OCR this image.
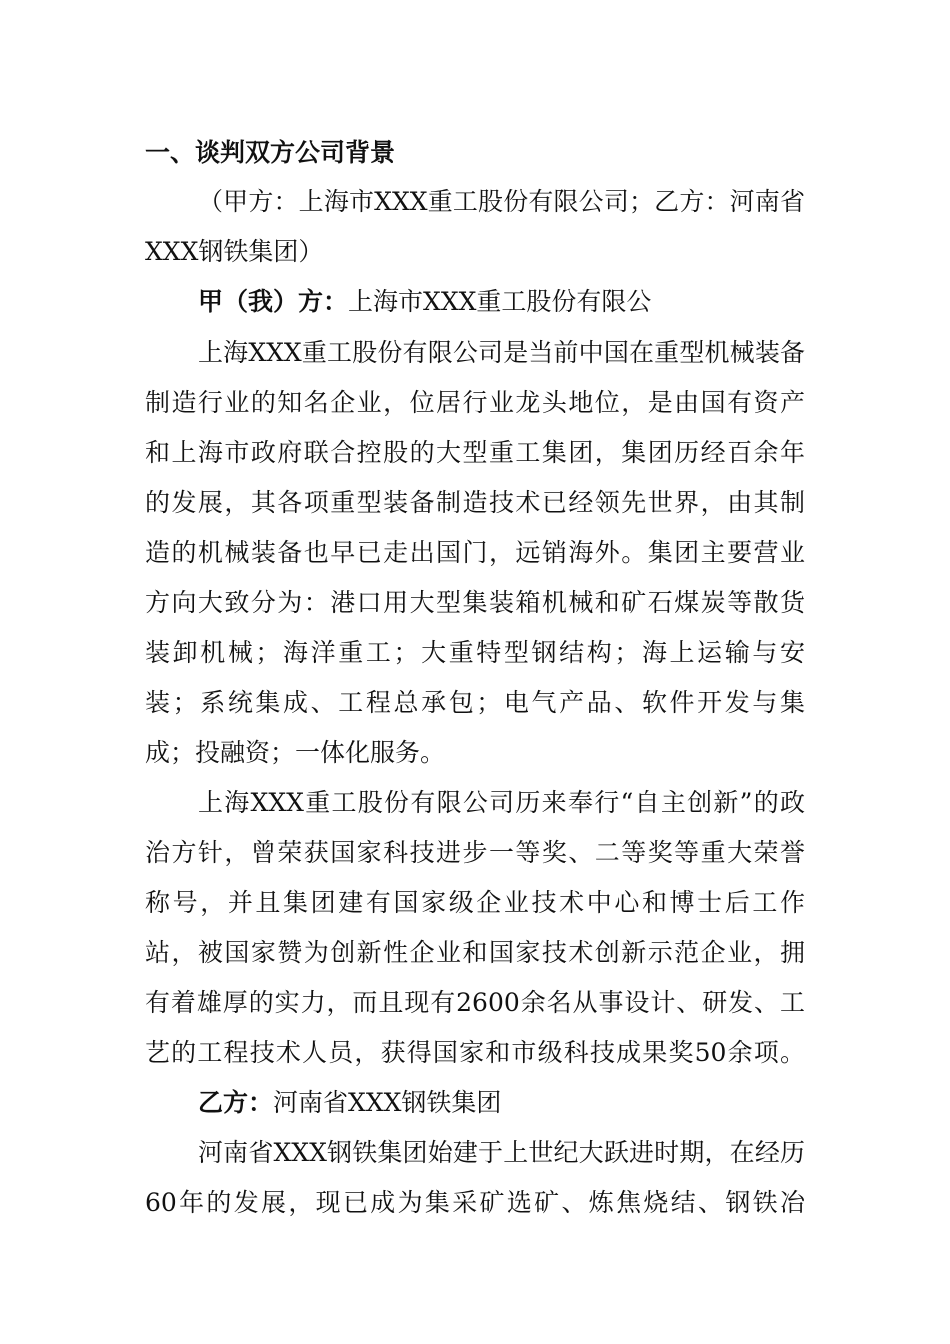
一、谈判双方公司背景
（甲方：上海市XXX重工股份有限公司；乙方：河南省
XXX钢铁集团）
甲（我）方：上海市XXX重工股份有限公
上海XXX重工股份有限公司是当前中国在重型机械装备
制造行业的知名企业，位居行业龙头地位，是由国有资产
和上海市政府联合控股的大型重工集团，集团历经百余年
的发展，其各项重型装备制造技术已经领先世界，由其制
造的机械装备也早已走出国门，远销海外。集团主要营业
方向大致分为：港口用大型集装箱机械和矿石煤炭等散货
装卸机械；海洋重工；大重特型钢结构；海上运输与安
装；系统集成、工程总承包；电气产品、软件开发与集
成；投融资；一体化服务。
上海XXX重工股份有限公司历来奉行“自主创新”的政
治方针，曾荣获国家科技进步一等奖、二等奖等重大荣誉
称号，并且集团建有国家级企业技术中心和博士后工作
站，被国家赞为创新性企业和国家技术创新示范企业，拥
有着雄厚的实力，而且现有2600余名从事设计、研发、工
艺的工程技术人员，获得国家和市级科技成果奖50余项。
乙方：河南省XXX钢铁集团
河南省XXX钢铁集团始建于上世纪大跃进时期，在经历
60年的发展，现已成为集采矿选矿、炼焦烧结、钢铁冶
